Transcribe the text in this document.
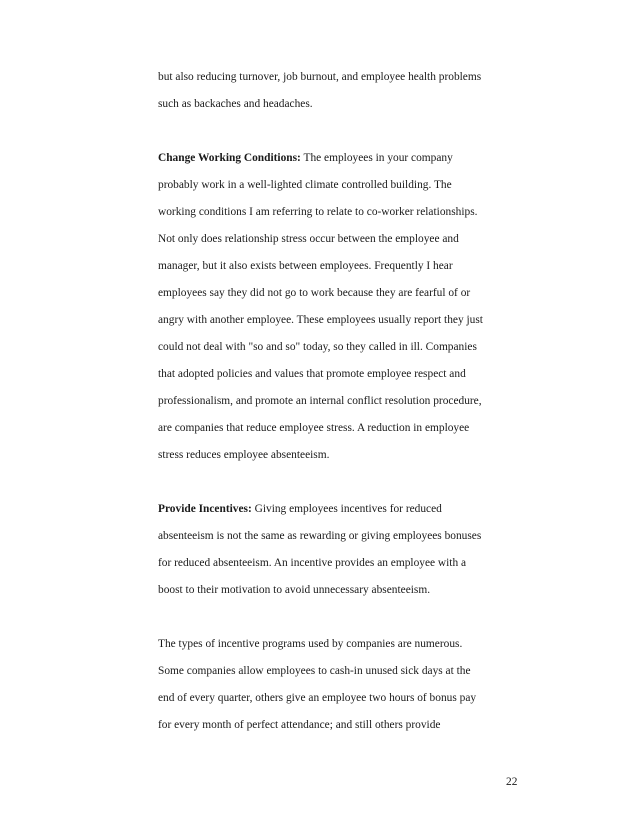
but also reducing turnover, job burnout, and employee health problems

such as backaches and headaches.

Change Working Conditions: The employees in your company

probably work in a well-lighted climate controlled building. The

working conditions I am referring to relate to co-worker relationships.

Not only does relationship stress occur between the employee and

manager, but it also exists between employees. Frequently I hear

employees say they did not go to work because they are fearful of or

angry with another employee. These employees usually report they just

could not deal with "so and so" today, so they called in ill. Companies

that adopted policies and values that promote employee respect and

professionalism, and promote an internal conflict resolution procedure,

are companies that reduce employee stress. A reduction in employee

stress reduces employee absenteeism.

Provide Incentives: Giving employees incentives for reduced

absenteeism is not the same as rewarding or giving employees bonuses

for reduced absenteeism. An incentive provides an employee with a

boost to their motivation to avoid unnecessary absenteeism.

The types of incentive programs used by companies are numerous.

Some companies allow employees to cash-in unused sick days at the

end of every quarter, others give an employee two hours of bonus pay

for every month of perfect attendance; and still others provide

22
